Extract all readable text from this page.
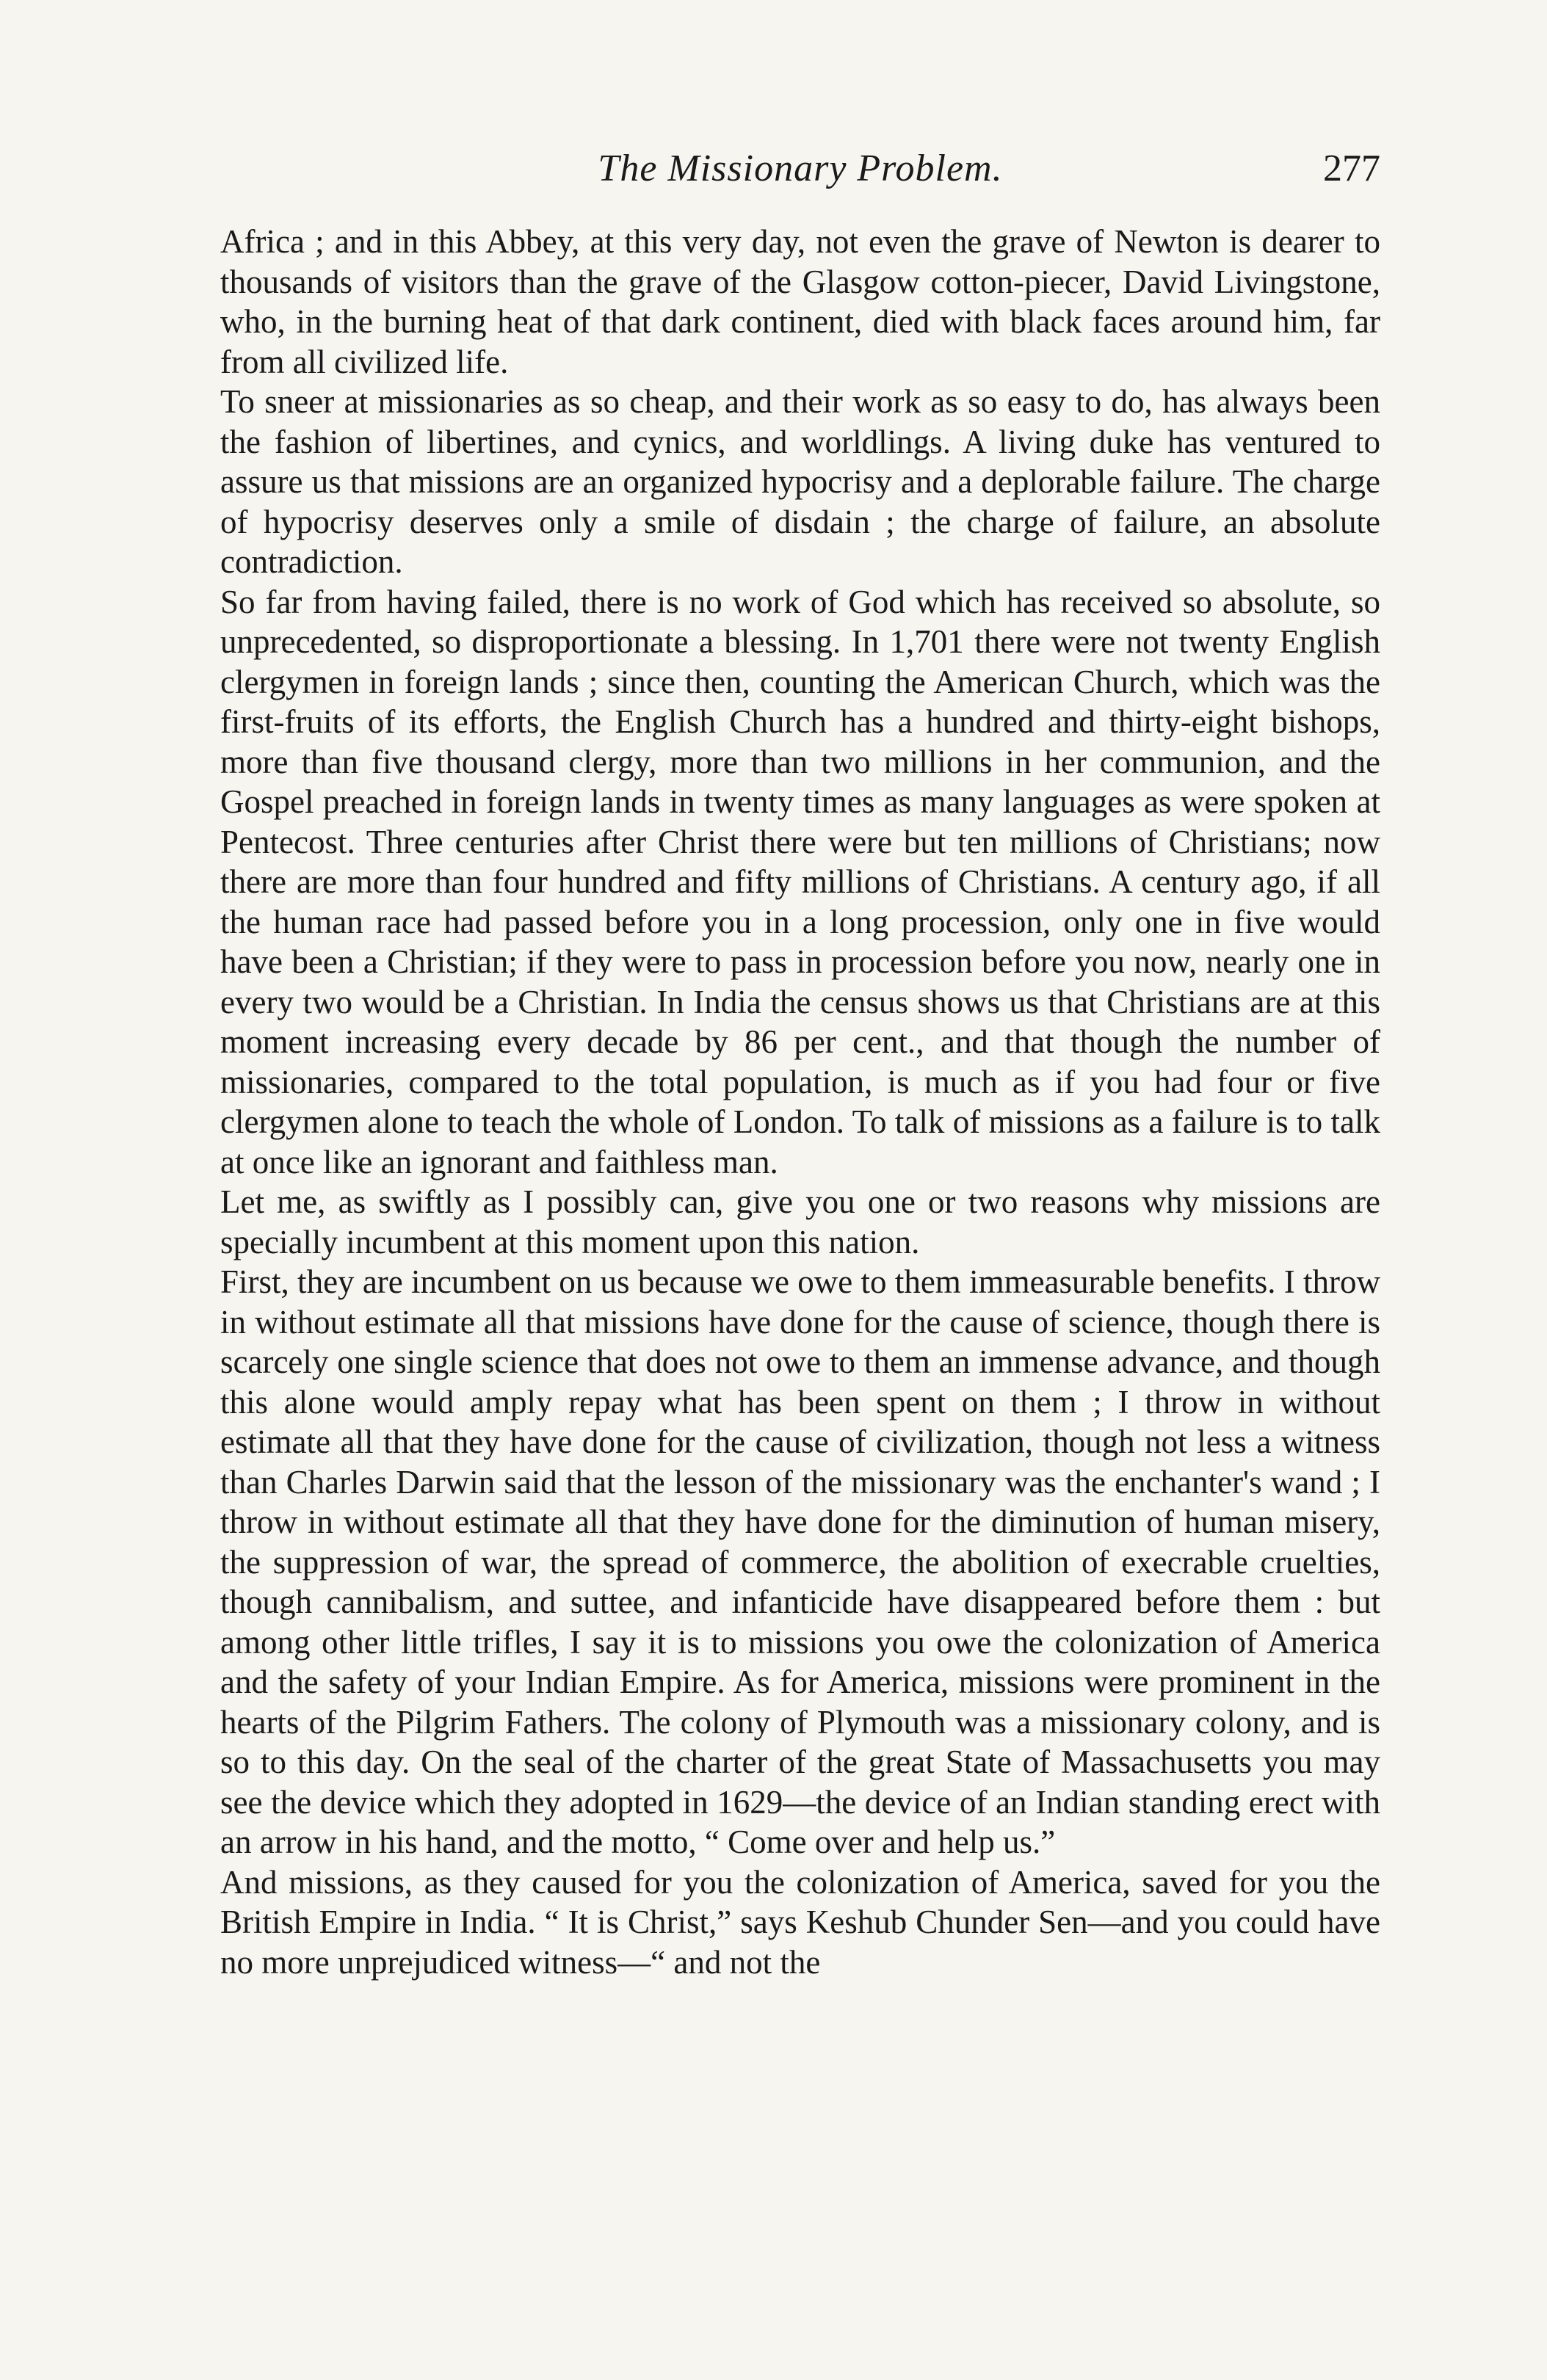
The Missionary Problem.	277

Africa ; and in this Abbey, at this very day, not even the grave of Newton is dearer to thousands of visitors than the grave of the Glasgow cotton-piecer, David Livingstone, who, in the burning heat of that dark continent, died with black faces around him, far from all civilized life.

To sneer at missionaries as so cheap, and their work as so easy to do, has always been the fashion of libertines, and cynics, and worldlings. A living duke has ventured to assure us that missions are an organized hypocrisy and a deplorable failure. The charge of hypocrisy deserves only a smile of disdain ; the charge of failure, an absolute contradiction.

So far from having failed, there is no work of God which has received so absolute, so unprecedented, so disproportionate a blessing. In 1,701 there were not twenty English clergymen in foreign lands ; since then, counting the American Church, which was the first-fruits of its efforts, the English Church has a hundred and thirty-eight bishops, more than five thousand clergy, more than two millions in her communion, and the Gospel preached in foreign lands in twenty times as many languages as were spoken at Pentecost. Three centuries after Christ there were but ten millions of Christians; now there are more than four hundred and fifty millions of Christians. A century ago, if all the human race had passed before you in a long procession, only one in five would have been a Christian; if they were to pass in procession before you now, nearly one in every two would be a Christian. In India the census shows us that Christians are at this moment increasing every decade by 86 per cent., and that though the number of missionaries, compared to the total population, is much as if you had four or five clergymen alone to teach the whole of London. To talk of missions as a failure is to talk at once like an ignorant and faithless man.

Let me, as swiftly as I possibly can, give you one or two reasons why missions are specially incumbent at this moment upon this nation.

First, they are incumbent on us because we owe to them immeasurable benefits. I throw in without estimate all that missions have done for the cause of science, though there is scarcely one single science that does not owe to them an immense advance, and though this alone would amply repay what has been spent on them ; I throw in without estimate all that they have done for the cause of civilization, though not less a witness than Charles Darwin said that the lesson of the missionary was the enchanter's wand ; I throw in without estimate all that they have done for the diminution of human misery, the suppression of war, the spread of commerce, the abolition of execrable cruelties, though cannibalism, and suttee, and infanticide have disappeared before them : but among other little trifles, I say it is to missions you owe the colonization of America and the safety of your Indian Empire. As for America, missions were prominent in the hearts of the Pilgrim Fathers. The colony of Plymouth was a missionary colony, and is so to this day. On the seal of the charter of the great State of Massachusetts you may see the device which they adopted in 1629—the device of an Indian standing erect with an arrow in his hand, and the motto, “ Come over and help us.”

And missions, as they caused for you the colonization of America, saved for you the British Empire in India. “ It is Christ,” says Keshub Chunder Sen—and you could have no more unprejudiced witness—“ and not the
